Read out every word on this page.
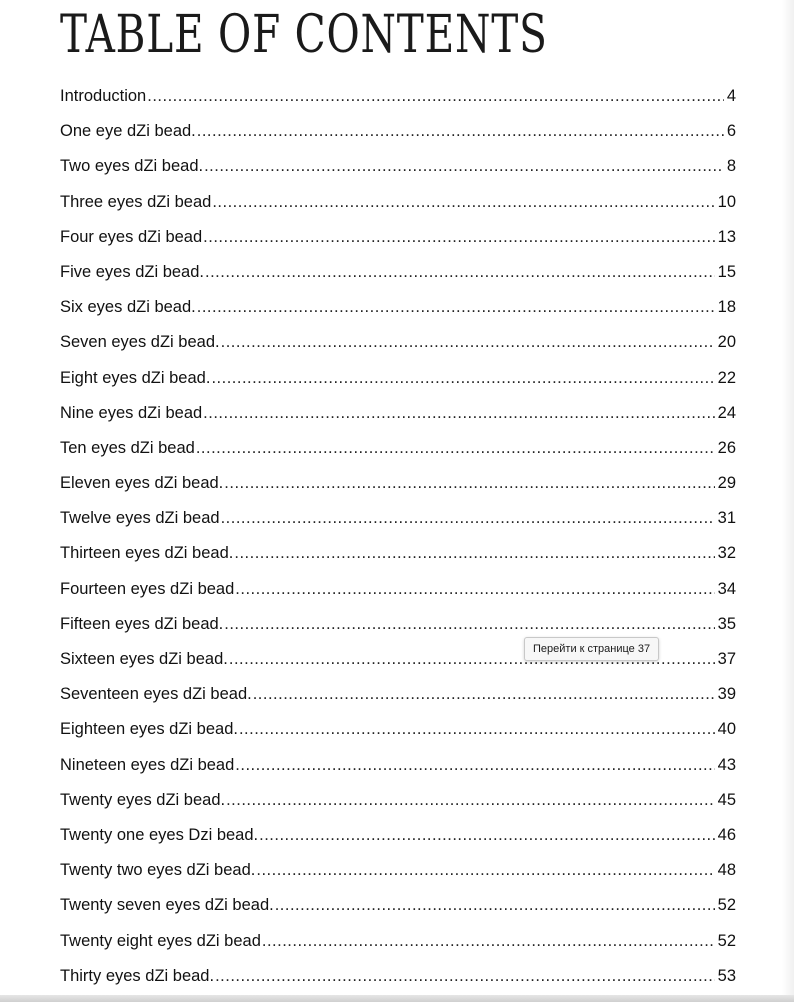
TABLE OF CONTENTS
Introduction .....	4
One eye dZi bead. .....	6
Two eyes dZi bead. .....	8
Three eyes dZi bead .....	10
Four eyes dZi bead .....	13
Five eyes dZi bead. .....	15
Six eyes dZi bead. .....	18
Seven eyes dZi bead. .....	20
Eight eyes dZi bead. .....	22
Nine eyes dZi bead .....	24
Ten eyes dZi bead .....	26
Eleven eyes dZi bead. .....	29
Twelve eyes dZi bead .....	31
Thirteen eyes dZi bead. .....	32
Fourteen eyes dZi bead .....	34
Fifteen eyes dZi bead. .....	35
Sixteen eyes dZi bead. .....	37
Seventeen eyes dZi bead. .....	39
Eighteen eyes dZi bead. .....	40
Nineteen eyes dZi bead .....	43
Twenty eyes dZi bead. .....	45
Twenty one eyes Dzi bead. .....	46
Twenty two eyes dZi bead. .....	48
Twenty seven eyes dZi bead. .....	52
Twenty eight eyes dZi bead .....	52
Thirty eyes dZi bead. .....	53
Перейти к странице 37
